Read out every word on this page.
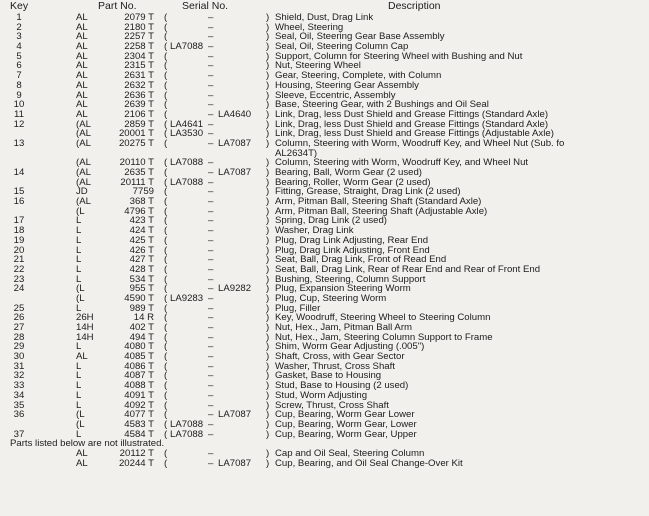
Key	Part No.	Serial No.	Description
1	AL	2079 T (	–	) Shield, Dust, Drag Link
2	AL	2180 T (	–	) Wheel, Steering
3	AL	2257 T (	–	) Seal, Oil, Steering Gear Base Assembly
4	AL	2258 T ( LA7088 –	) Seal, Oil, Steering Column Cap
5	AL	2304 T (	–	) Support, Column for Steering Wheel with Bushing and Nut
6	AL	2315 T (	–	) Nut, Steering Wheel
7	AL	2631 T (	–	) Gear, Steering, Complete, with Column
8	AL	2632 T (	–	) Housing, Steering Gear Assembly
9	AL	2636 T (	–	) Sleeve, Eccentric, Assembly
10	AL	2639 T (	–	) Base, Steering Gear, with 2 Bushings and Oil Seal
11	AL	2106 T (	– LA4640 ) Link, Drag, less Dust Shield and Grease Fittings (Standard Axle)
12	(AL	2859 T ( LA4641 –	) Link, Drag, less Dust Shield and Grease Fittings (Standard Axle)
(AL	20001 T ( LA3530 –	) Link, Drag, less Dust Shield and Grease Fittings (Adjustable Axle)
13	(AL	20275 T (	– LA7087 ) Column, Steering with Worm, Woodruff Key, and Wheel Nut (Sub. fo
AL2634T)
(AL	20110 T ( LA7088 –	) Column, Steering with Worm, Woodruff Key, and Wheel Nut
14	(AL	2635 T (	– LA7087 ) Bearing, Ball, Worm Gear (2 used)
(AL	20111 T ( LA7088 –	) Bearing, Roller, Worm Gear (2 used)
15	JD	7759 (	–	) Fitting, Grease, Straight, Drag Link (2 used)
16	(AL	368 T (	–	) Arm, Pitman Ball, Steering Shaft (Standard Axle)
(L	4796 T (	–	) Arm, Pitman Ball, Steering Shaft (Adjustable Axle)
17	L	423 T (	–	) Spring, Drag Link (2 used)
18	L	424 T (	–	) Washer, Drag Link
19	L	425 T (	–	) Plug, Drag Link Adjusting, Rear End
20	L	426 T (	–	) Plug, Drag Link Adjusting, Front End
21	L	427 T (	–	) Seat, Ball, Drag Link, Front of Read End
22	L	428 T (	–	) Seat, Ball, Drag Link, Rear of Rear End and Rear of Front End
23	L	534 T (	–	) Bushing, Steering, Column Support
24	(L	955 T (	– LA9282 ) Plug, Expansion Steering Worm
(L	4590 T ( LA9283 –	) Plug, Cup, Steering Worm
25	L	989 T (	–	) Plug, Filler
26	26H	14 R (	–	) Key, Woodruff, Steering Wheel to Steering Column
27	14H	402 T (	–	) Nut, Hex., Jam, Pitman Ball Arm
28	14H	494 T (	–	) Nut, Hex., Jam, Steering Column Support to Frame
29	L	4080 T (	–	) Shim, Worm Gear Adjusting (.005")
30	AL	4085 T (	–	) Shaft, Cross, with Gear Sector
31	L	4086 T (	–	) Washer, Thrust, Cross Shaft
32	L	4087 T (	–	) Gasket, Base to Housing
33	L	4088 T (	–	) Stud, Base to Housing (2 used)
34	L	4091 T (	–	) Stud, Worm Adjusting
35	L	4092 T (	–	) Screw, Thrust, Cross Shaft
36	(L	4077 T (	– LA7087 ) Cup, Bearing, Worm Gear Lower
(L	4583 T ( LA7088 –	) Cup, Bearing, Worm Gear, Lower
37	L	4584 T ( LA7088 –	) Cup, Bearing, Worm Gear, Upper
Parts listed below are not illustrated.
AL	20112 T (	–	) Cap and Oil Seal, Steering Column
AL	20244 T (	– LA7087 ) Cup, Bearing, and Oil Seal Change-Over Kit
